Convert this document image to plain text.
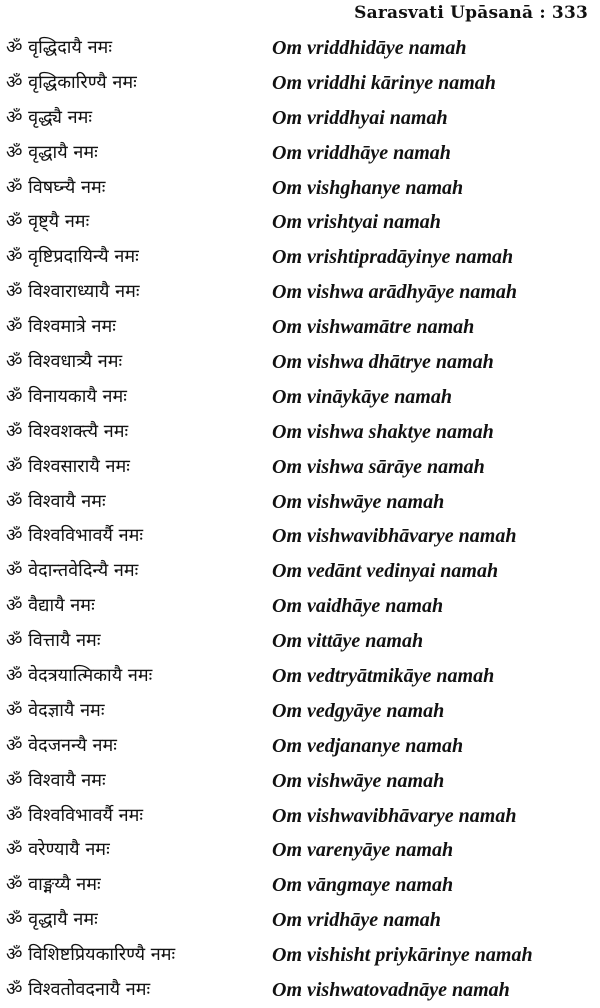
Sarasvati Upāsanā : 333
ॐ वृद्धिदायै नमः	Om vriddhidāye namah
ॐ वृद्धिकारिण्यै नमः	Om vriddhi kārinye namah
ॐ वृद्ध्यै नमः	Om vriddhyai namah
ॐ वृद्धायै नमः	Om vriddhāye namah
ॐ विषघ्न्यै नमः	Om vishghanye namah
ॐ वृष्ट्यै नमः	Om vrishtyai namah
ॐ वृष्टिप्रदायिन्यै नमः	Om vrishtipradāyinye namah
ॐ विश्वाराध्यायै नमः	Om vishwa arādhyāye namah
ॐ विश्वमात्रे नमः	Om vishwamātre namah
ॐ विश्वधात्र्यै नमः	Om vishwa dhātrye namah
ॐ विनायकायै नमः	Om vināykāye namah
ॐ विश्वशक्त्यै नमः	Om vishwa shaktye namah
ॐ विश्वसारायै नमः	Om vishwa sārāye namah
ॐ विश्वायै नमः	Om vishwāye namah
ॐ विश्वविभावर्यै नमः	Om vishwavibhāvarye namah
ॐ वेदान्तवेदिन्यै नमः	Om vedānt vedinyai namah
ॐ वैद्यायै नमः	Om vaidhāye namah
ॐ वित्तायै नमः	Om vittāye namah
ॐ वेदत्रयात्मिकायै नमः	Om vedtryātmikāye namah
ॐ वेदज्ञायै नमः	Om vedgyāye namah
ॐ वेदजनन्यै नमः	Om vedjananye namah
ॐ विश्वायै नमः	Om vishwāye namah
ॐ विश्वविभावर्यै नमः	Om vishwavibhāvarye namah
ॐ वरेण्यायै नमः	Om varenyāye namah
ॐ वाङ्मय्यै नमः	Om vāngmaye namah
ॐ वृद्धायै नमः	Om vridhāye namah
ॐ विशिष्टप्रियकारिण्यै नमः	Om vishisht priykārinye namah
ॐ विश्वतोवदनायै नमः	Om vishwatovadnāye namah
